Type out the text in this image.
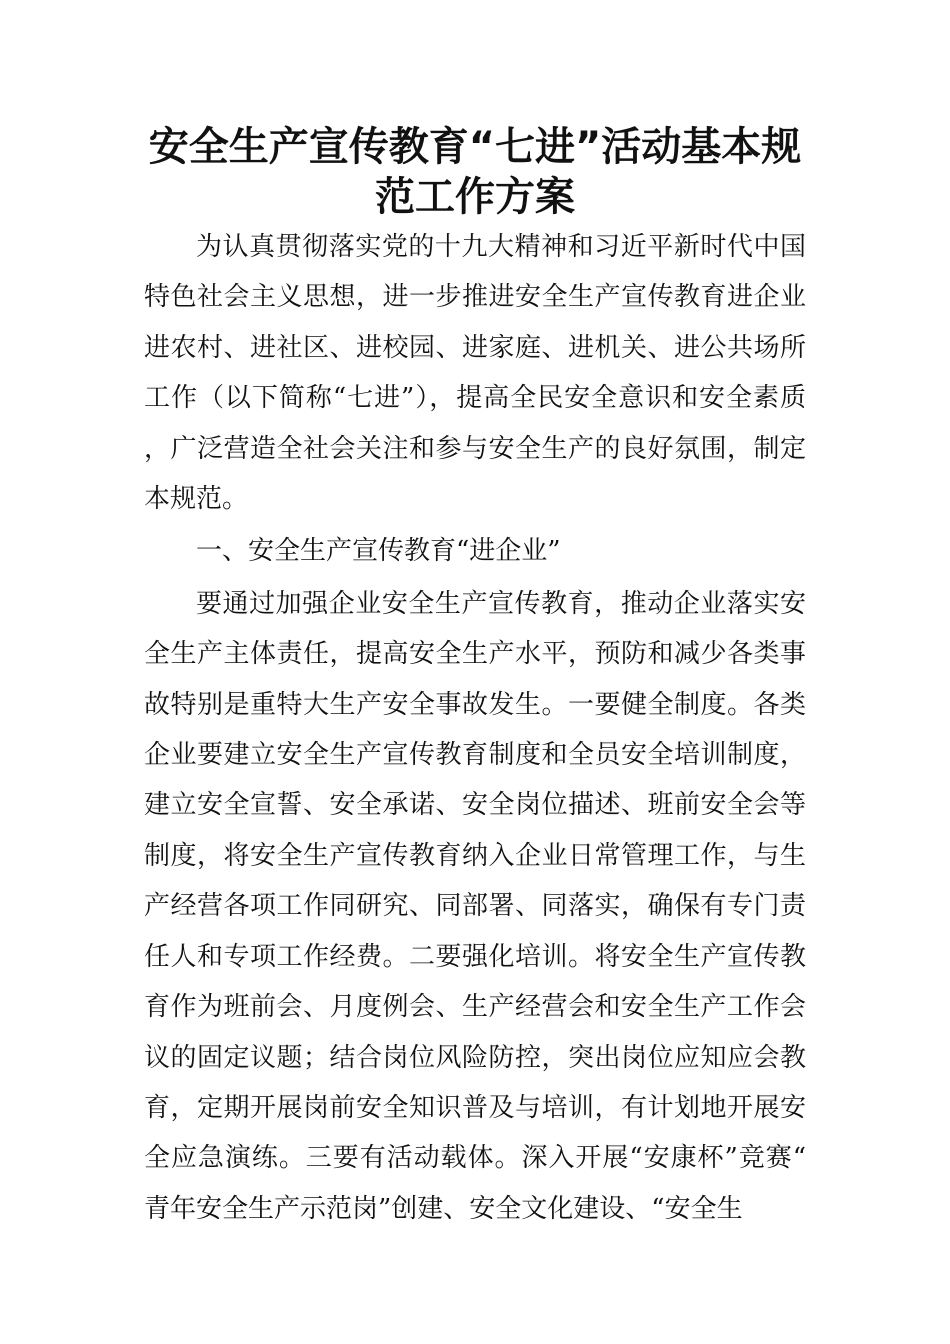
安全生产宣传教育“七进”活动基本规
范工作方案

为认真贯彻落实党的十九大精神和习近平新时代中国特色社会主义思想，进一步推进安全生产宣传教育进企业进农村、进社区、进校园、进家庭、进机关、进公共场所工作（以下简称“七进”），提高全民安全意识和安全素质，广泛营造全社会关注和参与安全生产的良好氛围，制定本规范。

一、安全生产宣传教育“进企业”

要通过加强企业安全生产宣传教育，推动企业落实安全生产主体责任，提高安全生产水平，预防和减少各类事故特别是重特大生产安全事故发生。一要健全制度。各类企业要建立安全生产宣传教育制度和全员安全培训制度，建立安全宣誓、安全承诺、安全岗位描述、班前安全会等制度，将安全生产宣传教育纳入企业日常管理工作，与生产经营各项工作同研究、同部署、同落实，确保有专门责任人和专项工作经费。二要强化培训。将安全生产宣传教育作为班前会、月度例会、生产经营会和安全生产工作会议的固定议题；结合岗位风险防控，突出岗位应知应会教育，定期开展岗前安全知识普及与培训，有计划地开展安全应急演练。三要有活动载体。深入开展“安康杯”竞赛“青年安全生产示范岗”创建、安全文化建设、“安全生
